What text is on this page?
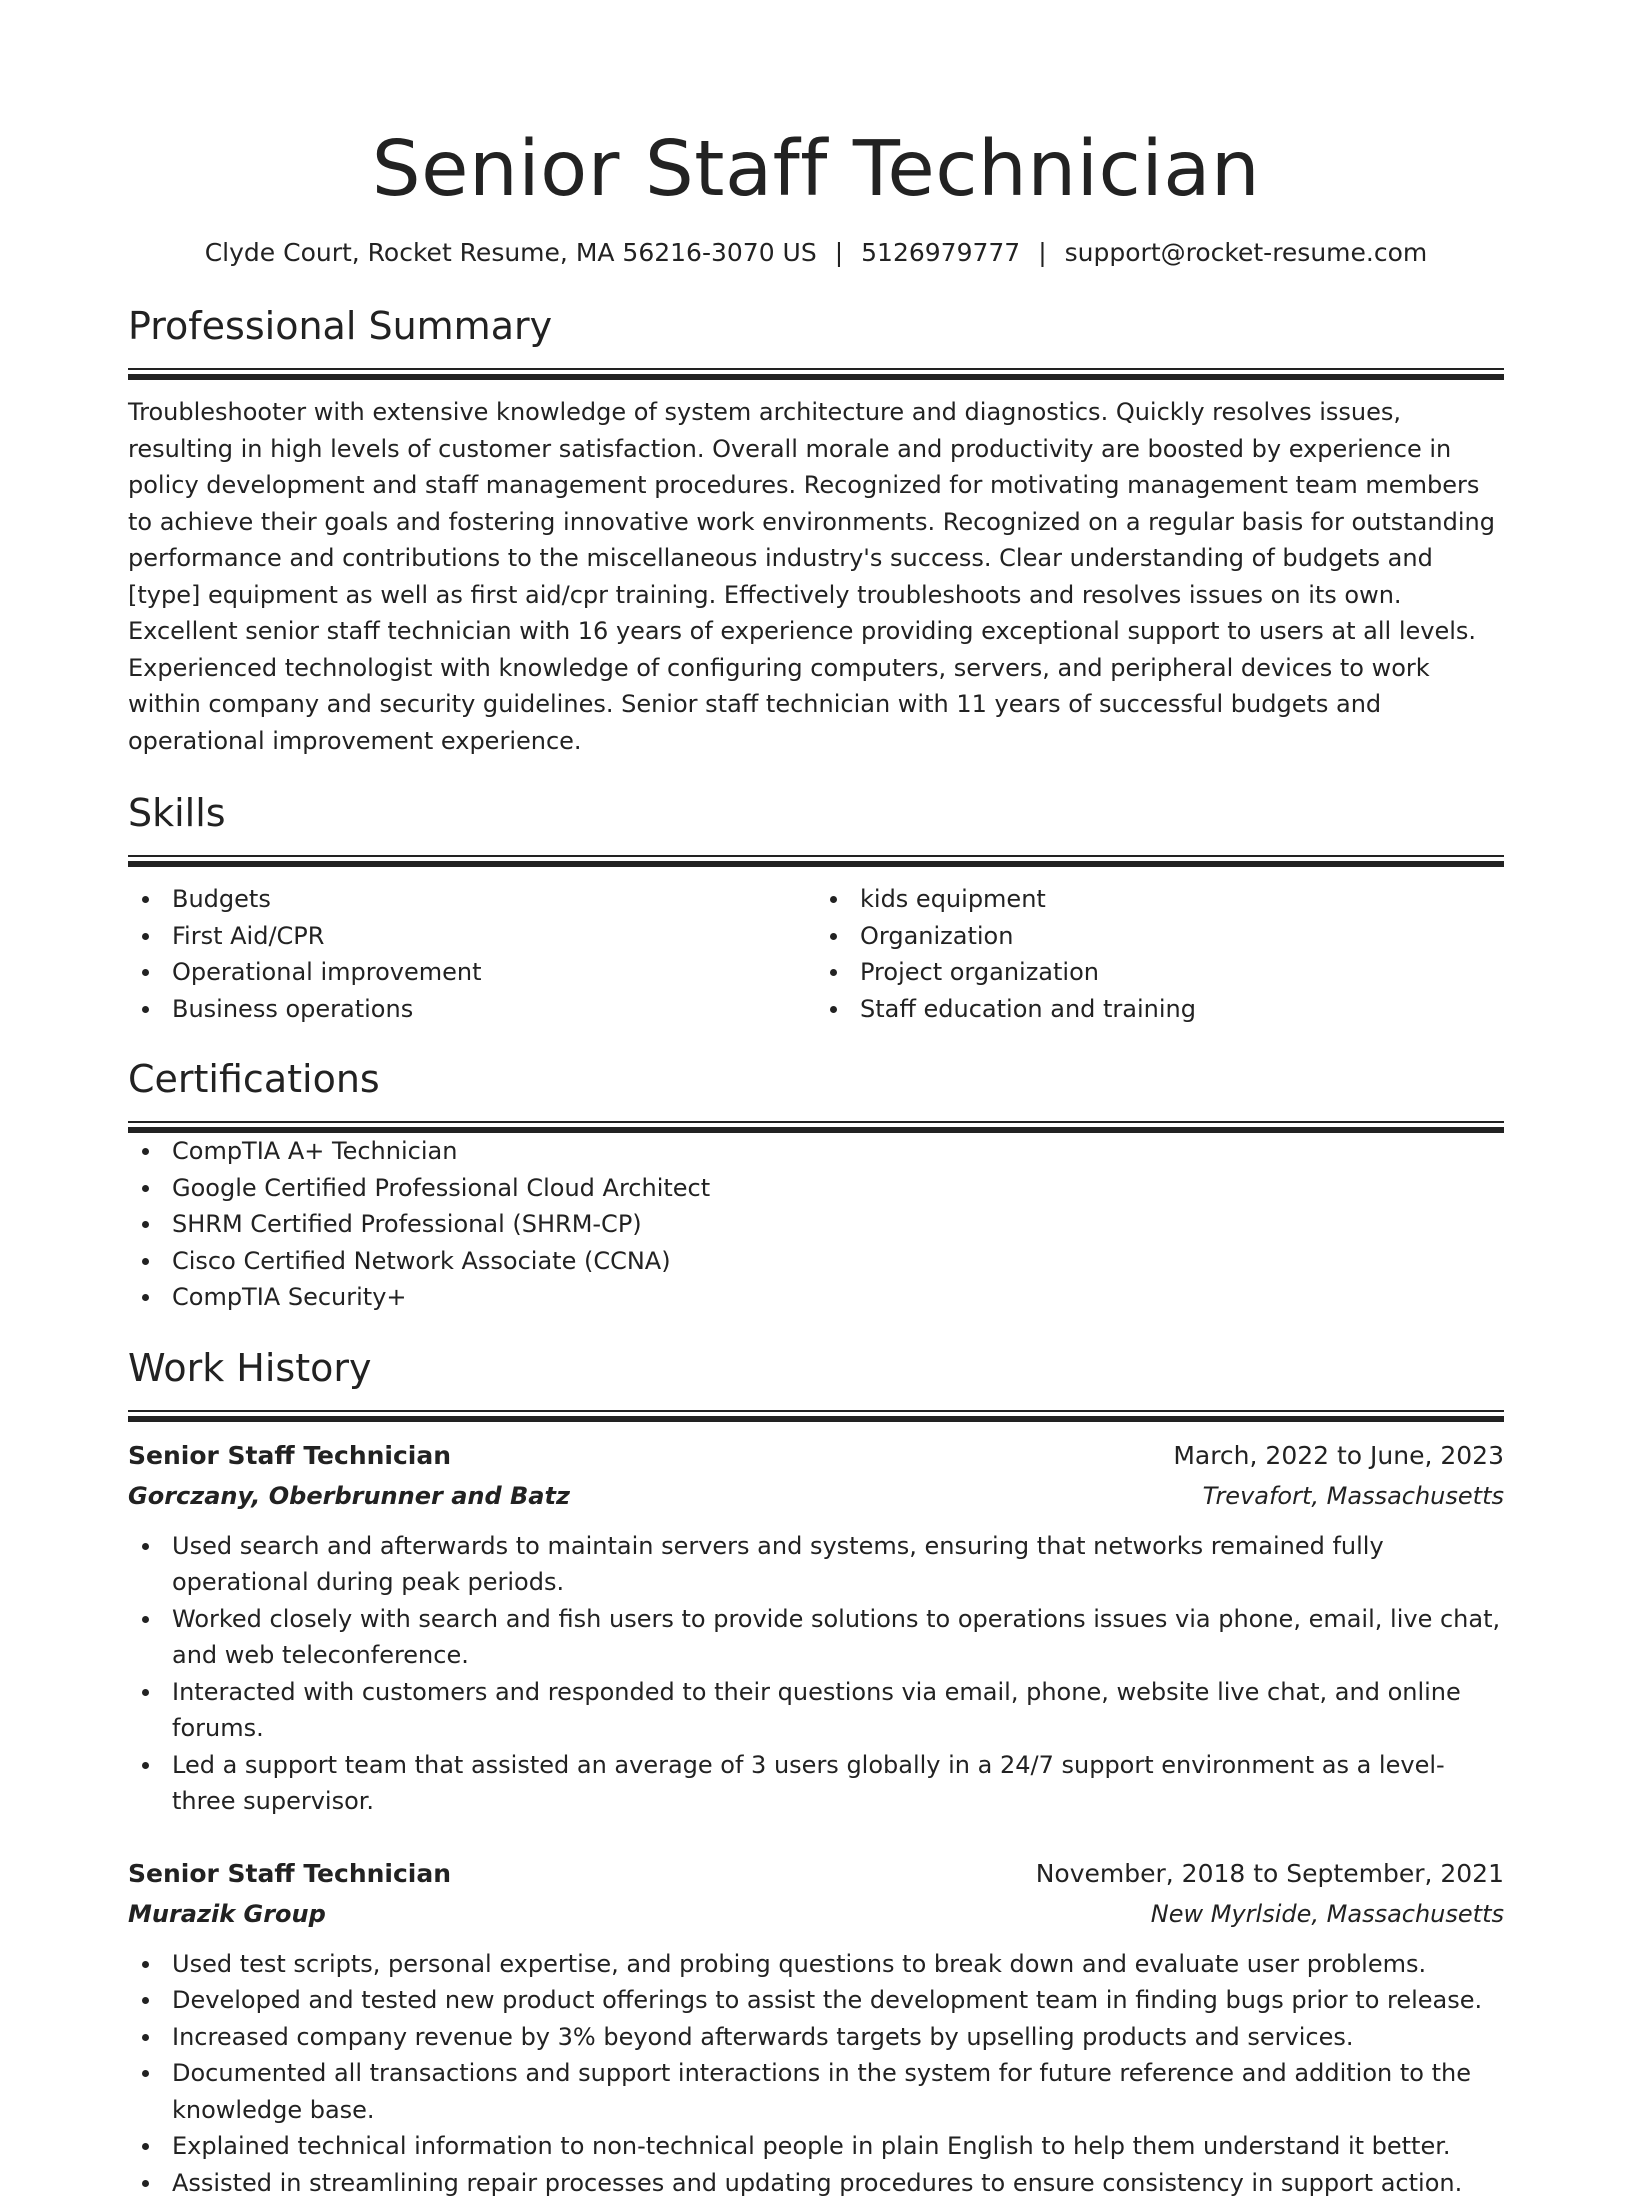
Senior Staff Technician
Clyde Court, Rocket Resume, MA 56216-3070 US | 5126979777 | support@rocket-resume.com
Professional Summary

Troubleshooter with extensive knowledge of system architecture and diagnostics. Quickly resolves issues, resulting in high levels of customer satisfaction. Overall morale and productivity are boosted by experience in policy development and staff management procedures. Recognized for motivating management team members to achieve their goals and fostering innovative work environments. Recognized on a regular basis for outstanding performance and contributions to the miscellaneous industry's success. Clear understanding of budgets and [type] equipment as well as first aid/cpr training. Effectively troubleshoots and resolves issues on its own. Excellent senior staff technician with 16 years of experience providing exceptional support to users at all levels. Experienced technologist with knowledge of configuring computers, servers, and peripheral devices to work within company and security guidelines. Senior staff technician with 11 years of successful budgets and operational improvement experience.

Skills
Budgets
First Aid/CPR
Operational improvement
Business operations
kids equipment
Organization
Project organization
Staff education and training
Certifications
CompTIA A+ Technician
Google Certified Professional Cloud Architect
SHRM Certified Professional (SHRM-CP)
Cisco Certified Network Associate (CCNA)
CompTIA Security+
Work History
Senior Staff Technician	March, 2022 to June, 2023
Gorczany, Oberbrunner and Batz	Trevafort, Massachusetts
Used search and afterwards to maintain servers and systems, ensuring that networks remained fully operational during peak periods.
Worked closely with search and fish users to provide solutions to operations issues via phone, email, live chat, and web teleconference.
Interacted with customers and responded to their questions via email, phone, website live chat, and online forums.
Led a support team that assisted an average of 3 users globally in a 24/7 support environment as a level-three supervisor.
Senior Staff Technician	November, 2018 to September, 2021
Murazik Group	New Myrlside, Massachusetts
Used test scripts, personal expertise, and probing questions to break down and evaluate user problems.
Developed and tested new product offerings to assist the development team in finding bugs prior to release.
Increased company revenue by 3% beyond afterwards targets by upselling products and services.
Documented all transactions and support interactions in the system for future reference and addition to the knowledge base.
Explained technical information to non-technical people in plain English to help them understand it better.
Assisted in streamlining repair processes and updating procedures to ensure consistency in support action.
